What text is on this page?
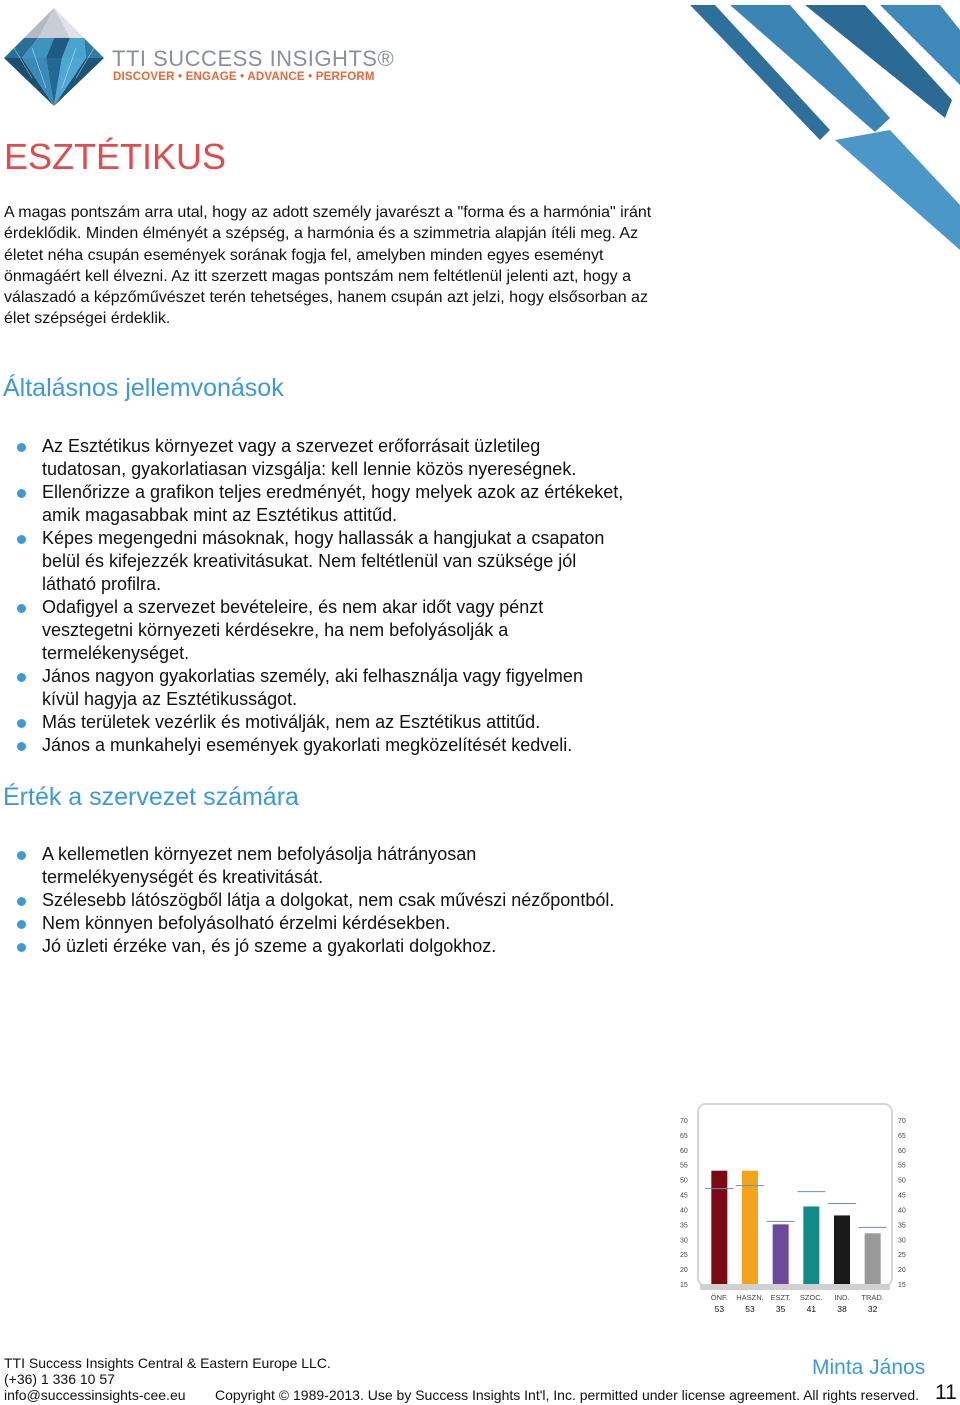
TTI SUCCESS INSIGHTS®
DISCOVER • ENGAGE • ADVANCE • PERFORM
ESZTÉTIKUS
A magas pontszám arra utal, hogy az adott személy javarészt a "forma és a harmónia" iránt érdeklődik. Minden élményét a szépség, a harmónia és a szimmetria alapján ítéli meg. Az életet néha csupán események sorának fogja fel, amelyben minden egyes eseményt önmagáért kell élvezni. Az itt szerzett magas pontszám nem feltétlenül jelenti azt, hogy a válaszadó a képzőművészet terén tehetséges, hanem csupán azt jelzi, hogy elsősorban az élet szépségei érdeklik.
Általásnos jellemvonások
Az Esztétikus környezet vagy a szervezet erőforrásait üzletileg tudatosan, gyakorlatiasan vizsgálja: kell lennie közös nyereségnek.
Ellenőrizze a grafikon teljes eredményét, hogy melyek azok az értékeket, amik magasabbak mint az Esztétikus attitűd.
Képes megengedni másoknak, hogy hallassák a hangjukat a csapaton belül és kifejezzék kreativitásukat. Nem feltétlenül van szüksége jól látható profilra.
Odafigyel a szervezet bevételeire, és nem akar időt vagy pénzt vesztegetni környezeti kérdésekre, ha nem befolyásolják a termelékenységet.
János nagyon gyakorlatias személy, aki felhasználja vagy figyelmen kívül hagyja az Esztétikusságot.
Más területek vezérlik és motiválják, nem az Esztétikus attitűd.
János a munkahelyi események gyakorlati megközelítését kedveli.
Érték a szervezet számára
A kellemetlen környezet nem befolyásolja hátrányosan termelékyenységét és kreativitását.
Szélesebb látószögből látja a dolgokat, nem csak művészi nézőpontból.
Nem könnyen befolyásolható érzelmi kérdésekben.
Jó üzleti érzéke van, és jó szeme a gyakorlati dolgokhoz.
70	70
65	65
60	60
55	55
50	50
45	45
40	40
35	35
30	30
25	25
20	20
15	15
ÖNF.
53
HASZN.
53
ESZT.
35
SZOC.
41
IND.
38
TRAD.
32
TTI Success Insights Central & Eastern Europe LLC.
(+36) 1 336 10 57
info@successinsights-cee.eu Copyright © 1989-2013. Use by Success Insights Int'l, Inc. permitted under license agreement. All rights reserved.
Minta János
11
